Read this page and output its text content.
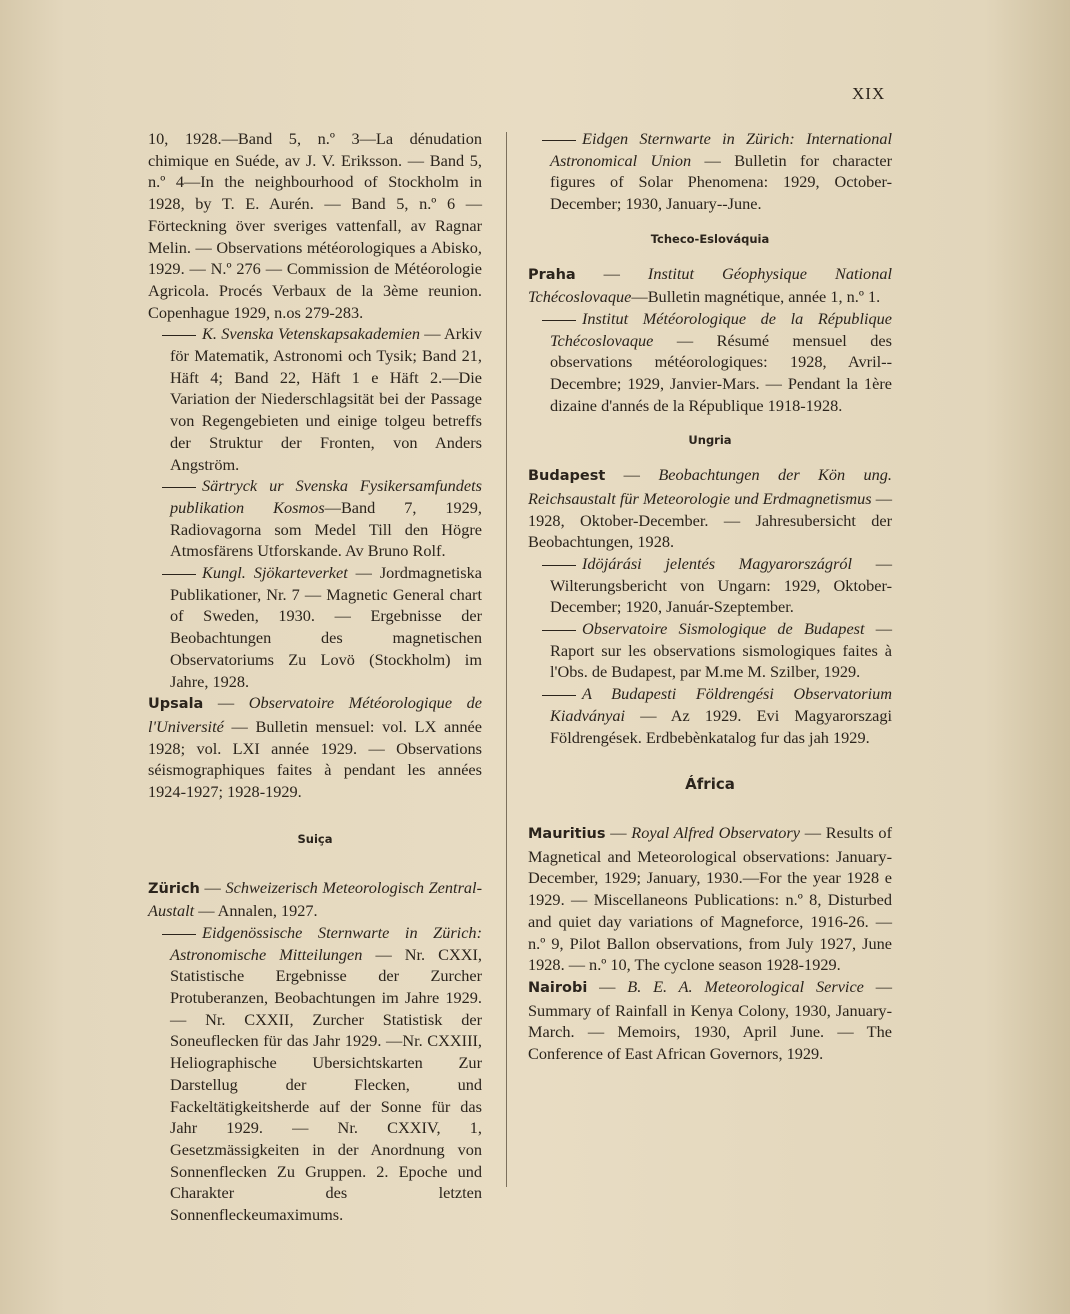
XIX

10, 1928.—Band 5, n.º 3—La dénudation chimique en Suéde, av J. V. Eriksson. — Band 5, n.º 4—In the neighbourhood of Stockholm in 1928, by T. E. Aurén. — Band 5, n.º 6 — Förteckning över sveriges vattenfall, av Ragnar Melin. — Observations météorologiques a Abisko, 1929. — N.º 276 — Commission de Météorologie Agricola. Procés Verbaux de la 3ème reunion. Copenhague 1929, n.os 279-283.

K. Svenska Vetenskapsakademien — Arkiv för Matematik, Astronomi och Tysik; Band 21, Häft 4; Band 22, Häft 1 e Häft 2.—Die Variation der Niederschlagsität bei der Passage von Regengebieten und einige tolgeu betreffs der Struktur der Fronten, von Anders Angström.

Särtryck ur Svenska Fysikersamfundets publikation Kosmos—Band 7, 1929, Radiovagorna som Medel Till den Högre Atmosfärens Utforskande. Av Bruno Rolf.

Kungl. Sjökarteverket — Jordmagnetiska Publikationer, Nr. 7 — Magnetic General chart of Sweden, 1930. — Ergebnisse der Beobachtungen des magnetischen Observatoriums Zu Lovö (Stockholm) im Jahre, 1928.

Upsala — Observatoire Météorologique de l'Université — Bulletin mensuel: vol. LX année 1928; vol. LXI année 1929. — Observations séismographiques faites à pendant les années 1924-1927; 1928-1929.

Suiça

Zürich — Schweizerisch Meteorologisch Zentral-Austalt — Annalen, 1927.

Eidgenössische Sternwarte in Zürich: Astronomische Mitteilungen — Nr. CXXI, Statistische Ergebnisse der Zurcher Protuberanzen, Beobachtungen im Jahre 1929. — Nr. CXXII, Zurcher Statistisk der Soneuflecken für das Jahr 1929. —Nr. CXXIII, Heliographische Ubersichtskarten Zur Darstellug der Flecken, und Fackeltätigkeitsherde auf der Sonne für das Jahr 1929. — Nr. CXXIV, 1, Gesetzmässigkeiten in der Anordnung von Sonnenflecken Zu Gruppen. 2. Epoche und Charakter des letzten Sonnenfleckeumaximums.

Eidgen Sternwarte in Zürich: International Astronomical Union — Bulletin for character figures of Solar Phenomena: 1929, October-December; 1930, January--June.

Tcheco-Eslováquia

Praha — Institut Géophysique National Tchécoslovaque—Bulletin magnétique, année 1, n.º 1.

Institut Météorologique de la République Tchécoslovaque — Résumé mensuel des observations météorologiques: 1928, Avril--Decembre; 1929, Janvier-Mars. — Pendant la 1ère dizaine d'annés de la République 1918-1928.

Ungria

Budapest — Beobachtungen der Kön ung. Reichsaustalt für Meteorologie und Erdmagnetismus — 1928, Oktober-December. — Jahresubersicht der Beobachtungen, 1928.

Idöjárási jelentés Magyarországról — Wilterungsbericht von Ungarn: 1929, Oktober-December; 1920, Január-Szeptember.

Observatoire Sismologique de Budapest — Raport sur les observations sismologiques faites à l'Obs. de Budapest, par M.me M. Szilber, 1929.

A Budapesti Földrengési Observatorium Kiadványai — Az 1929. Evi Magyarorszagi Földrengések. Erdbebènkatalog fur das jah 1929.

África

Mauritius — Royal Alfred Observatory — Results of Magnetical and Meteorological observations: January-December, 1929; January, 1930.—For the year 1928 e 1929. — Miscellaneons Publications: n.º 8, Disturbed and quiet day variations of Magneforce, 1916-26. — n.º 9, Pilot Ballon observations, from July 1927, June 1928. — n.º 10, The cyclone season 1928-1929.

Nairobi — B. E. A. Meteorological Service — Summary of Rainfall in Kenya Colony, 1930, January-March. — Memoirs, 1930, April June. — The Conference of East African Governors, 1929.
